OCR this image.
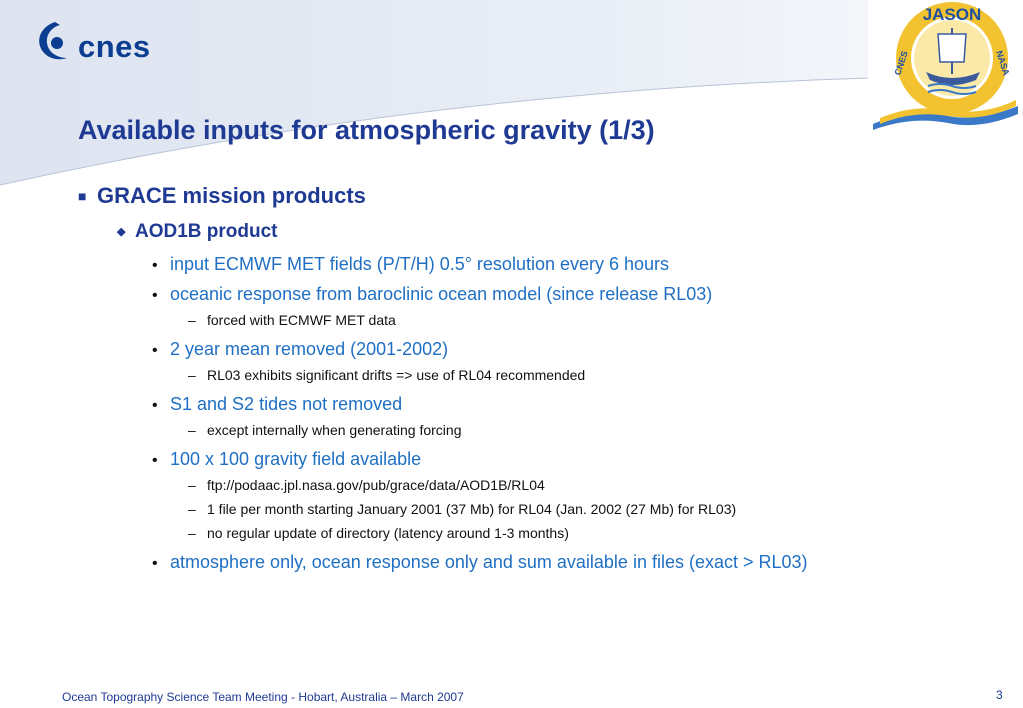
cnes
JASON
CNES	NASA
Available inputs for atmospheric gravity (1/3)
■ GRACE mission products
◆ AOD1B product
• input ECMWF MET fields (P/T/H) 0.5° resolution every 6 hours
• oceanic response from baroclinic ocean model (since release RL03)
– forced with ECMWF MET data
• 2 year mean removed (2001-2002)
– RL03 exhibits significant drifts => use of RL04 recommended
• S1 and S2 tides not removed
– except internally when generating forcing
• 100 x 100 gravity field available
– ftp://podaac.jpl.nasa.gov/pub/grace/data/AOD1B/RL04
– 1 file per month starting January 2001 (37 Mb) for RL04 (Jan. 2002 (27 Mb) for RL03)
– no regular update of directory (latency around 1-3 months)
• atmosphere only, ocean response only and sum available in files (exact > RL03)
Ocean Topography Science Team Meeting - Hobart, Australia – March 2007	3
